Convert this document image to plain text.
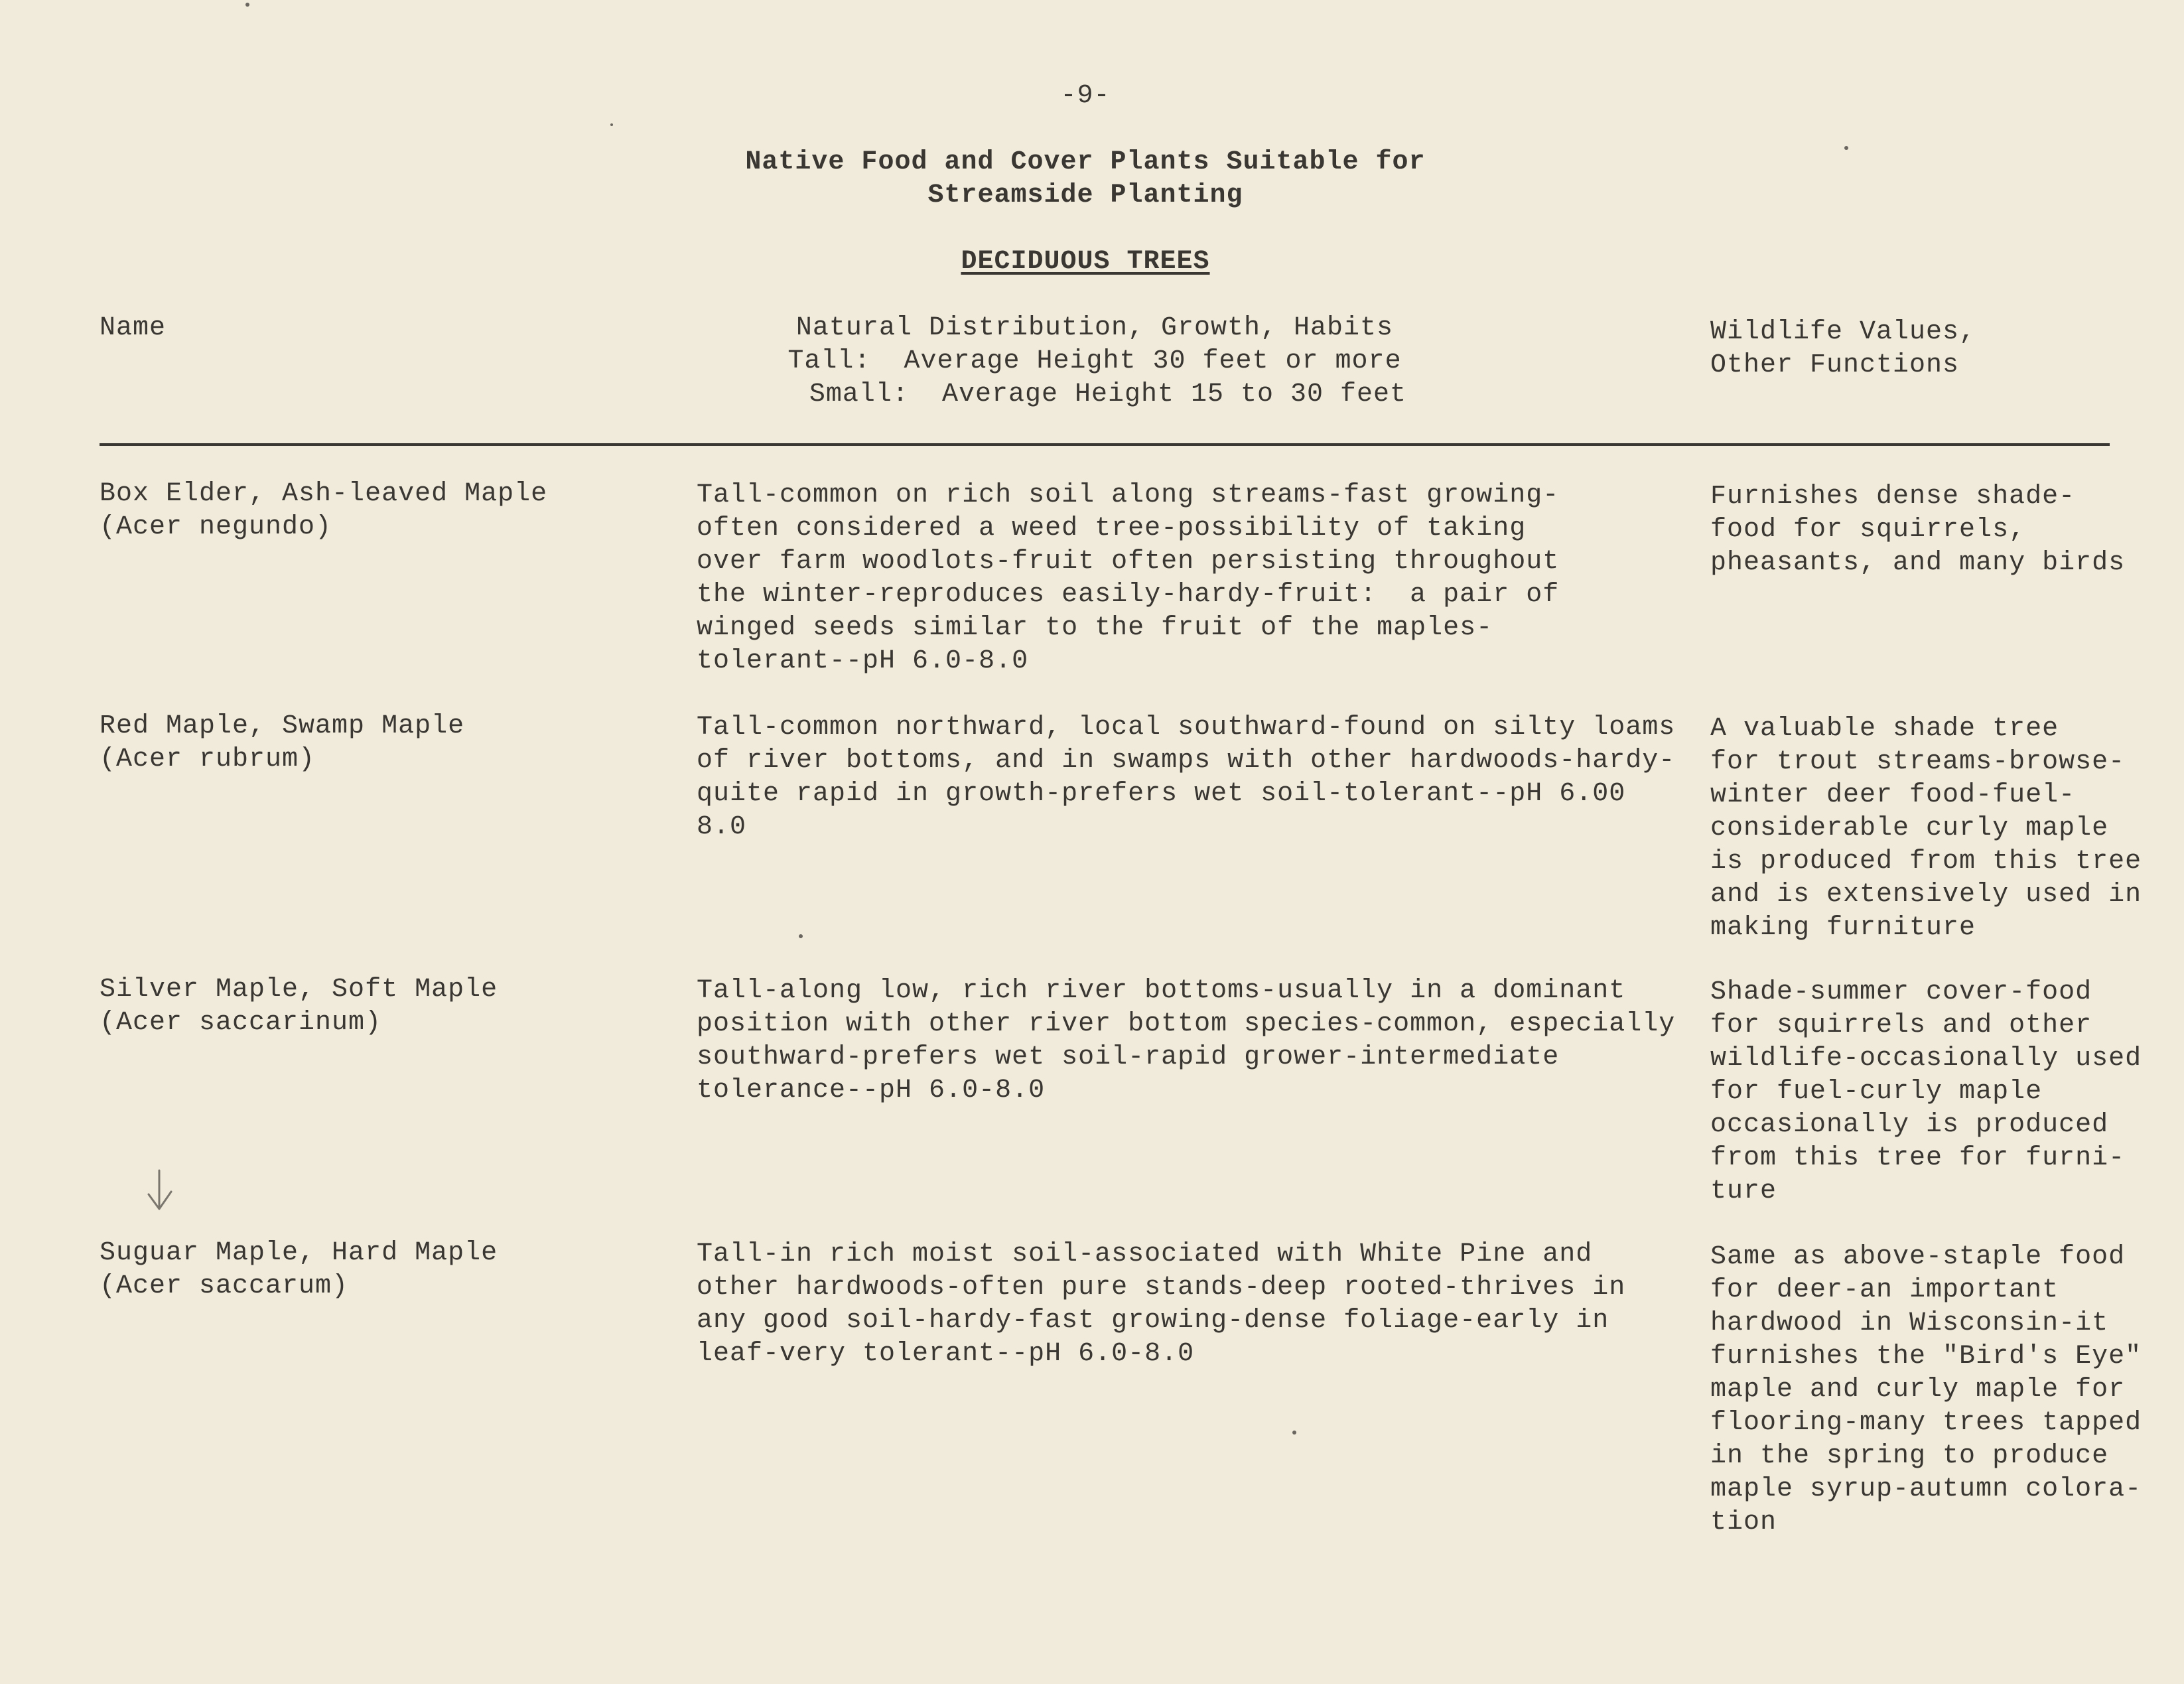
-9-
Native Food and Cover Plants Suitable for
Streamside Planting
DECIDUOUS TREES
Name	Natural Distribution, Growth, Habits
Tall:  Average Height 30 feet or more
Small:  Average Height 15 to 30 feet
Wildlife Values,
Other Functions
Box Elder, Ash-leaved Maple
(Acer negundo)
Tall-common on rich soil along streams-fast growing-
often considered a weed tree-possibility of taking
over farm woodlots-fruit often persisting throughout
the winter-reproduces easily-hardy-fruit:  a pair of
winged seeds similar to the fruit of the maples-
tolerant--pH 6.0-8.0
Furnishes dense shade-
food for squirrels,
pheasants, and many birds
Red Maple, Swamp Maple
(Acer rubrum)
Tall-common northward, local southward-found on silty loams
of river bottoms, and in swamps with other hardwoods-hardy-
quite rapid in growth-prefers wet soil-tolerant--pH 6.00
8.0
A valuable shade tree
for trout streams-browse-
winter deer food-fuel-
considerable curly maple
is produced from this tree
and is extensively used in
making furniture
Silver Maple, Soft Maple
(Acer saccarinum)
Tall-along low, rich river bottoms-usually in a dominant
position with other river bottom species-common, especially
southward-prefers wet soil-rapid grower-intermediate
tolerance--pH 6.0-8.0
Shade-summer cover-food
for squirrels and other
wildlife-occasionally used
for fuel-curly maple
occasionally is produced
from this tree for furni-
ture
Suguar Maple, Hard Maple
(Acer saccarum)
Tall-in rich moist soil-associated with White Pine and
other hardwoods-often pure stands-deep rooted-thrives in
any good soil-hardy-fast growing-dense foliage-early in
leaf-very tolerant--pH 6.0-8.0
Same as above-staple food
for deer-an important
hardwood in Wisconsin-it
furnishes the "Bird's Eye"
maple and curly maple for
flooring-many trees tapped
in the spring to produce
maple syrup-autumn colora-
tion
